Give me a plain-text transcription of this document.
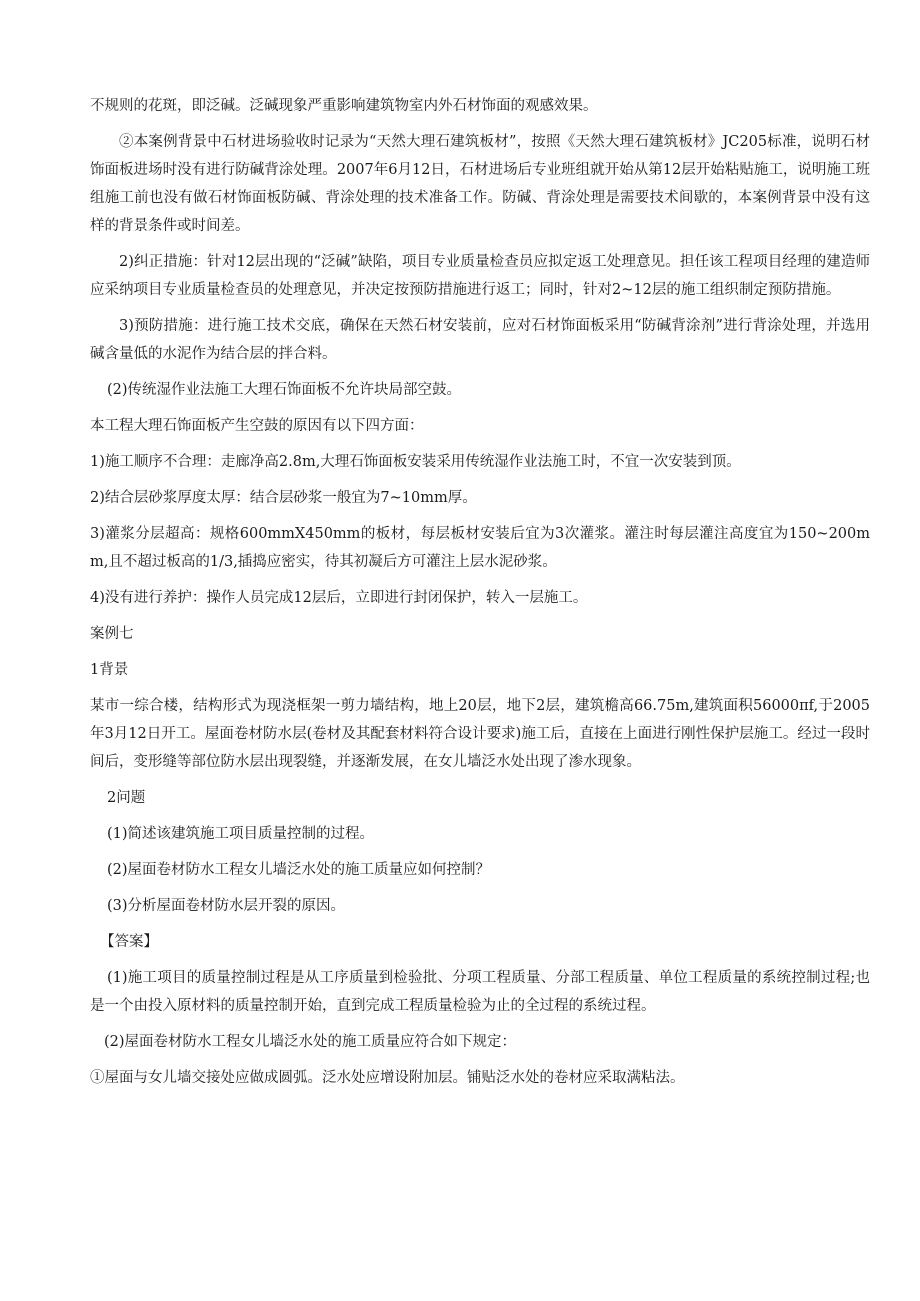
不规则的花斑，即泛碱。泛碱现象严重影响建筑物室内外石材饰面的观感效果。

②本案例背景中石材进场验收时记录为“天然大理石建筑板材”，按照《天然大理石建筑板材》JC205标准，说明石材饰面板进场时没有进行防碱背涂处理。2007年6月12日，石材进场后专业班组就开始从第12层开始粘贴施工，说明施工班组施工前也没有做石材饰面板防碱、背涂处理的技术准备工作。防碱、背涂处理是需要技术间歇的，本案例背景中没有这样的背景条件或时间差。

2)纠正措施：针对12层出现的“泛碱”缺陷，项目专业质量检查员应拟定返工处理意见。担任该工程项目经理的建造师应采纳项目专业质量检查员的处理意见，并决定按预防措施进行返工；同时，针对2~12层的施工组织制定预防措施。

3)预防措施：进行施工技术交底，确保在天然石材安装前，应对石材饰面板采用“防碱背涂剂”进行背涂处理，并选用碱含量低的水泥作为结合层的拌合料。

(2)传统湿作业法施工大理石饰面板不允许块局部空鼓。

本工程大理石饰面板产生空鼓的原因有以下四方面：

1)施工顺序不合理：走廊净高2.8m,大理石饰面板安装采用传统湿作业法施工时，不宜一次安装到顶。

2)结合层砂浆厚度太厚：结合层砂浆一般宜为7~10mm厚。

3)灌浆分层超高：规格600mmX450mm的板材，每层板材安装后宜为3次灌浆。灌注时每层灌注高度宜为150~200mm,且不超过板高的1/3,插捣应密实，待其初凝后方可灌注上层水泥砂浆。

4)没有进行养护：操作人员完成12层后，立即进行封闭保护，转入一层施工。

案例七

1背景

某市一综合楼，结构形式为现浇框架一剪力墙结构，地上20层，地下2层，建筑檐高66.75m,建筑面积56000πf,于2005年3月12日开工。屋面卷材防水层(卷材及其配套材料符合设计要求)施工后，直接在上面进行刚性保护层施工。经过一段时间后，变形缝等部位防水层出现裂缝，并逐渐发展，在女儿墙泛水处出现了渗水现象。

2问题

(1)简述该建筑施工项目质量控制的过程。

(2)屋面卷材防水工程女儿墙泛水处的施工质量应如何控制？

(3)分析屋面卷材防水层开裂的原因。

【答案】

(1)施工项目的质量控制过程是从工序质量到检验批、分项工程质量、分部工程质量、单位工程质量的系统控制过程;也是一个由投入原材料的质量控制开始，直到完成工程质量检验为止的全过程的系统过程。

(2)屋面卷材防水工程女儿墙泛水处的施工质量应符合如下规定：

①屋面与女儿墙交接处应做成圆弧。泛水处应增设附加层。铺贴泛水处的卷材应采取满粘法。
